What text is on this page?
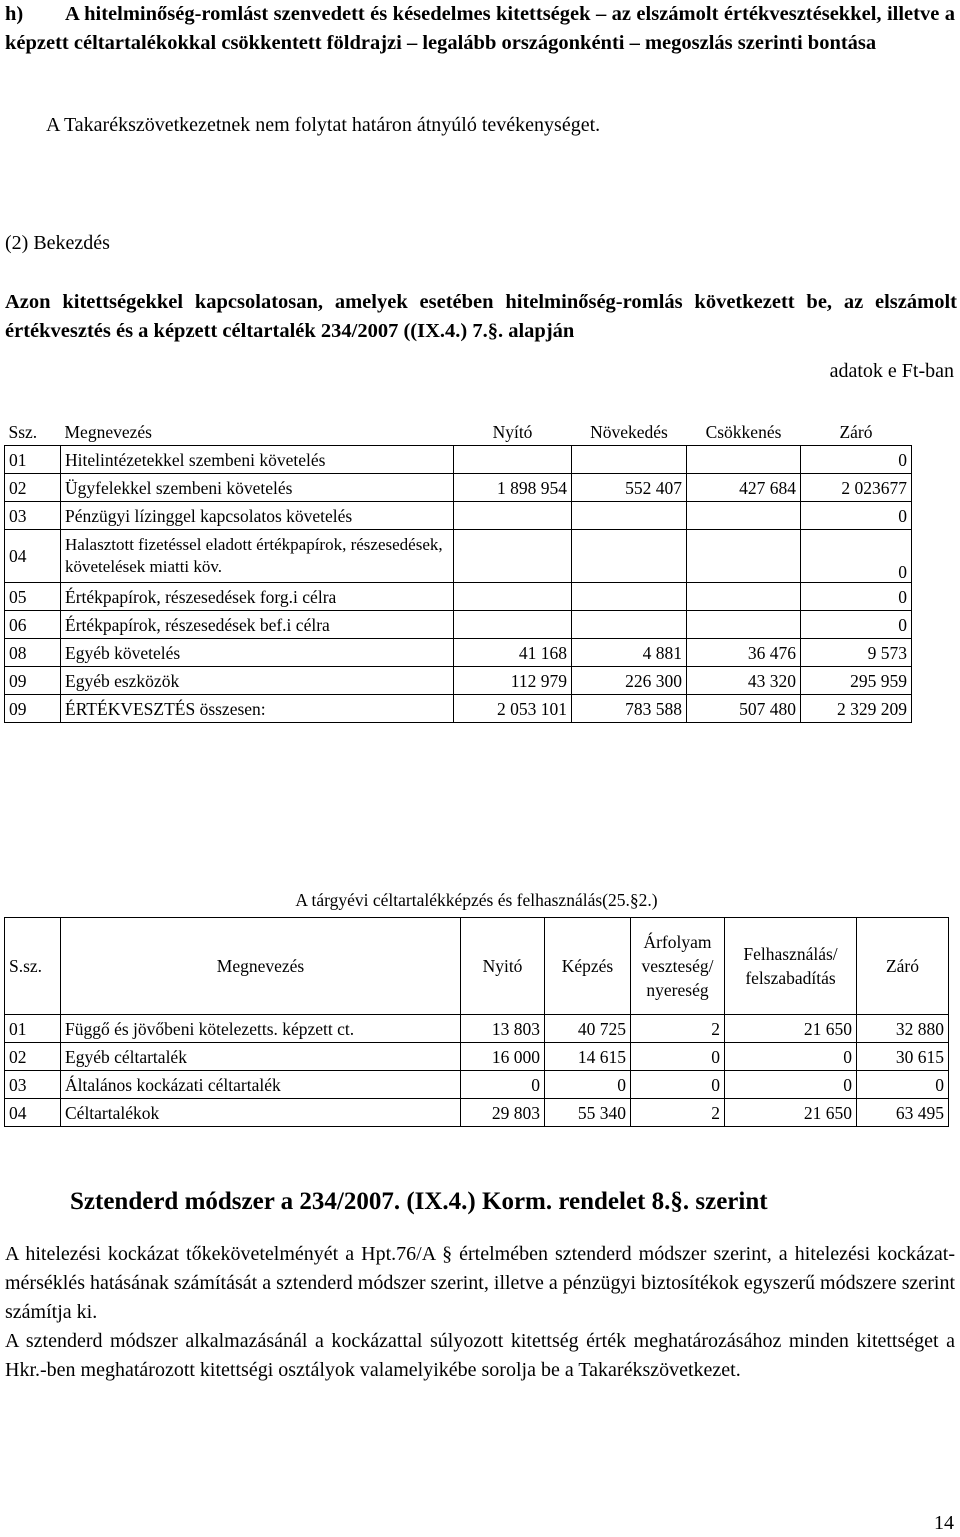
h) A hitelminőség-romlást szenvedett és késedelmes kitettségek – az elszámolt értékvesztésekkel, illetve a képzett céltartalékokkal csökkentett földrajzi – legalább országonkénti – megoszlás szerinti bontása
A Takarékszövetkezetnek nem folytat határon átnyúló tevékenységet.
(2) Bekezdés
Azon kitettségekkel kapcsolatosan, amelyek esetében hitelminőség-romlás következett be, az elszámolt értékvesztés és a képzett céltartalék 234/2007 ((IX.4.) 7.§. alapján
adatok e Ft-ban
Ssz.	Megnevezés	Nyító	Növekedés	Csökkenés	Záró
01	Hitelintézetekkel szembeni követelés				0
02	Ügyfelekkel szembeni követelés	1 898 954	552 407	427 684	2 023677
03	Pénzügyi lízinggel kapcsolatos követelés				0
04	Halasztott fizetéssel eladott értékpapírok, részesedések, követelések miatti köv.				0
05	Értékpapírok, részesedések forg.i célra				0
06	Értékpapírok, részesedések bef.i célra				0
08	Egyéb követelés	41 168	4 881	36 476	9 573
09	Egyéb eszközök	112 979	226 300	43 320	295 959
09	ÉRTÉKVESZTÉS összesen:	2 053 101	783 588	507 480	2 329 209
A tárgyévi céltartalékképzés és felhasználás(25.§2.)						
S.sz.	Megnevezés	Nyitó	Képzés	Árfolyam veszteség/ nyereség	Felhasználás/ felszabadítás	Záró
01	Függő és jövőbeni kötelezetts. képzett ct.	13 803	40 725	2	21 650	32 880
02	Egyéb céltartalék	16 000	14 615	0	0	30 615
03	Általános kockázati céltartalék	0	0	0	0	0
04	Céltartalékok	29 803	55 340	2	21 650	63 495
Sztenderd módszer a 234/2007. (IX.4.) Korm. rendelet 8.§. szerint

A hitelezési kockázat tőkekövetelményét a Hpt.76/A § értelmében sztenderd módszer szerint, a hitelezési kockázat-mérséklés hatásának számítását a sztenderd módszer szerint, illetve a pénzügyi biztosítékok egyszerű módszere szerint számítja ki.

A sztenderd módszer alkalmazásánál a kockázattal súlyozott kitettség érték meghatározásához minden kitettséget a Hkr.-ben meghatározott kitettségi osztályok valamelyikébe sorolja be a Takarékszövetkezet.

14
